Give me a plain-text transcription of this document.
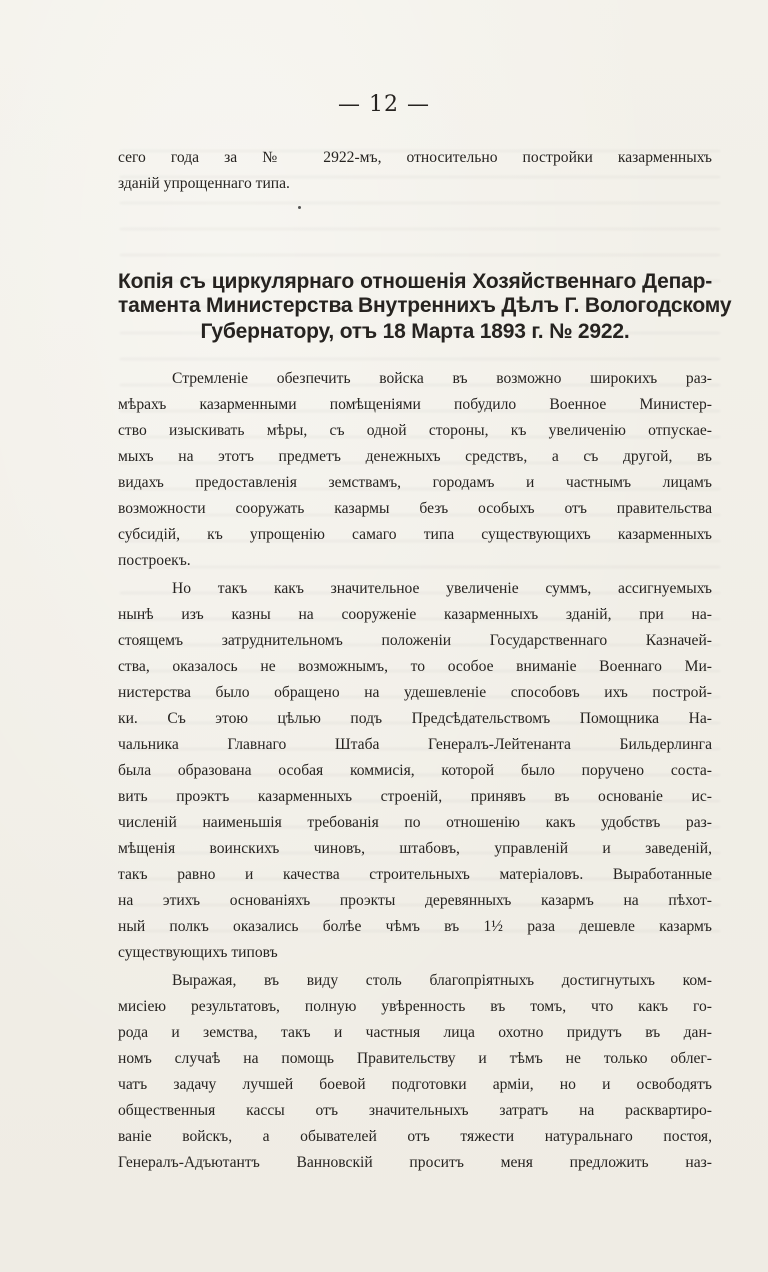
— 12 —
сего года за № 2922-мъ, относительно постройки казарменныхъ
зданій упрощеннаго типа.
Копія съ циркулярнаго отношенія Хозяйственнаго Депар-
тамента Министерства Внутреннихъ Дѣлъ Г. Вологодскому
Губернатору, отъ 18 Марта 1893 г. № 2922.
Стремленіе обезпечить войска въ возможно широкихъ раз-
мѣрахъ казарменными помѣщеніями побудило Военное Министер-
ство изыскивать мѣры, съ одной стороны, къ увеличенію отпускае-
мыхъ на этотъ предметъ денежныхъ средствъ, а съ другой, въ
видахъ предоставленія земствамъ, городамъ и частнымъ лицамъ
возможности сооружать казармы безъ особыхъ отъ правительства
субсидій, къ упрощенію самаго типа существующихъ казарменныхъ
построекъ.
Но такъ какъ значительное увеличеніе суммъ, ассигнуемыхъ
нынѣ изъ казны на сооруженіе казарменныхъ зданій, при на-
стоящемъ затруднительномъ положеніи Государственнаго Казначей-
ства, оказалось не возможнымъ, то особое вниманіе Военнаго Ми-
нистерства было обращено на удешевленіе способовъ ихъ построй-
ки. Съ этою цѣлью подъ Предсѣдательствомъ Помощника На-
чальника Главнаго Штаба Генералъ-Лейтенанта Бильдерлинга
была образована особая коммисія, которой было поручено соста-
вить проэктъ казарменныхъ строеній, принявъ въ основаніе ис-
численій наименьшія требованія по отношенію какъ удобствъ раз-
мѣщенія воинскихъ чиновъ, штабовъ, управленій и заведеній,
такъ равно и качества строительныхъ матеріаловъ. Выработанные
на этихъ основаніяхъ проэкты деревянныхъ казармъ на пѣхот-
ный полкъ оказались болѣе чѣмъ въ 1½ раза дешевле казармъ
существующихъ типовъ
Выражая, въ виду столь благопріятныхъ достигнутыхъ ком-
мисіею результатовъ, полную увѣренность въ томъ, что какъ го-
рода и земства, такъ и частныя лица охотно придутъ въ дан-
номъ случаѣ на помощь Правительству и тѣмъ не только облег-
чатъ задачу лучшей боевой подготовки арміи, но и освободятъ
общественныя кассы отъ значительныхъ затратъ на расквартиро-
ваніе войскъ, а обывателей отъ тяжести натуральнаго постоя,
Генералъ-Адъютантъ Ванновскій проситъ меня предложить наз-
